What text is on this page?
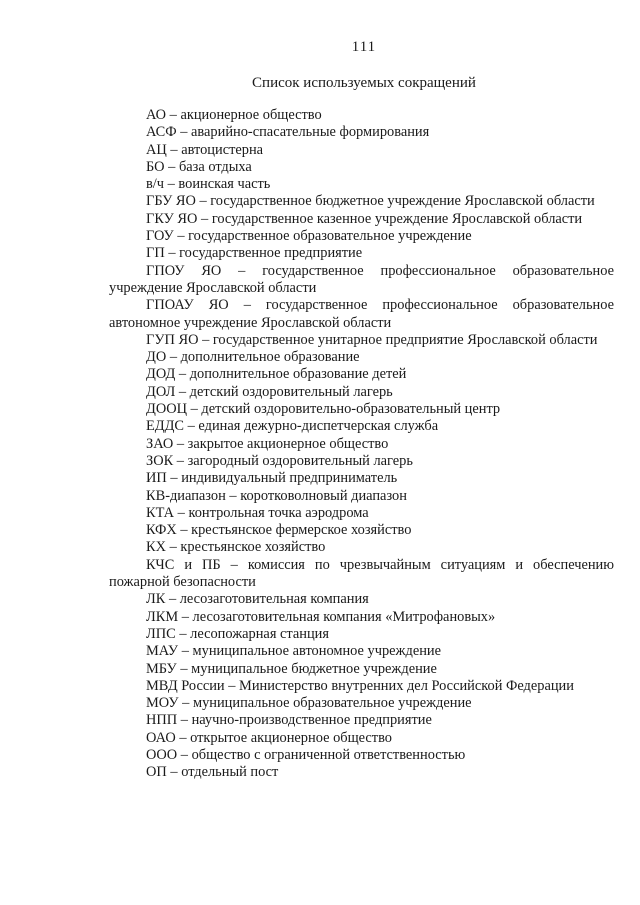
111
Список используемых сокращений
АО – акционерное общество
АСФ – аварийно-спасательные формирования
АЦ – автоцистерна
БО – база отдыха
в/ч – воинская часть
ГБУ ЯО – государственное бюджетное учреждение Ярославской области
ГКУ ЯО – государственное казенное учреждение Ярославской области
ГОУ – государственное образовательное учреждение
ГП – государственное предприятие
ГПОУ ЯО – государственное профессиональное образовательное учреждение Ярославской области
ГПОАУ ЯО – государственное профессиональное образовательное автономное учреждение Ярославской области
ГУП ЯО – государственное унитарное предприятие Ярославской области
ДО – дополнительное образование
ДОД – дополнительное образование детей
ДОЛ – детский оздоровительный лагерь
ДООЦ – детский оздоровительно-образовательный центр
ЕДДС – единая дежурно-диспетчерская служба
ЗАО – закрытое акционерное общество
ЗОК – загородный оздоровительный лагерь
ИП – индивидуальный предприниматель
КВ-диапазон – коротковолновый диапазон
КТА – контрольная точка аэродрома
КФХ – крестьянское фермерское хозяйство
КХ – крестьянское хозяйство
КЧС и ПБ – комиссия по чрезвычайным ситуациям и обеспечению пожарной безопасности
ЛК – лесозаготовительная компания
ЛКМ – лесозаготовительная компания «Митрофановых»
ЛПС – лесопожарная станция
МАУ – муниципальное автономное учреждение
МБУ – муниципальное бюджетное учреждение
МВД России – Министерство внутренних дел Российской Федерации
МОУ – муниципальное образовательное учреждение
НПП – научно-производственное предприятие
ОАО – открытое акционерное общество
ООО – общество с ограниченной ответственностью
ОП – отдельный пост
